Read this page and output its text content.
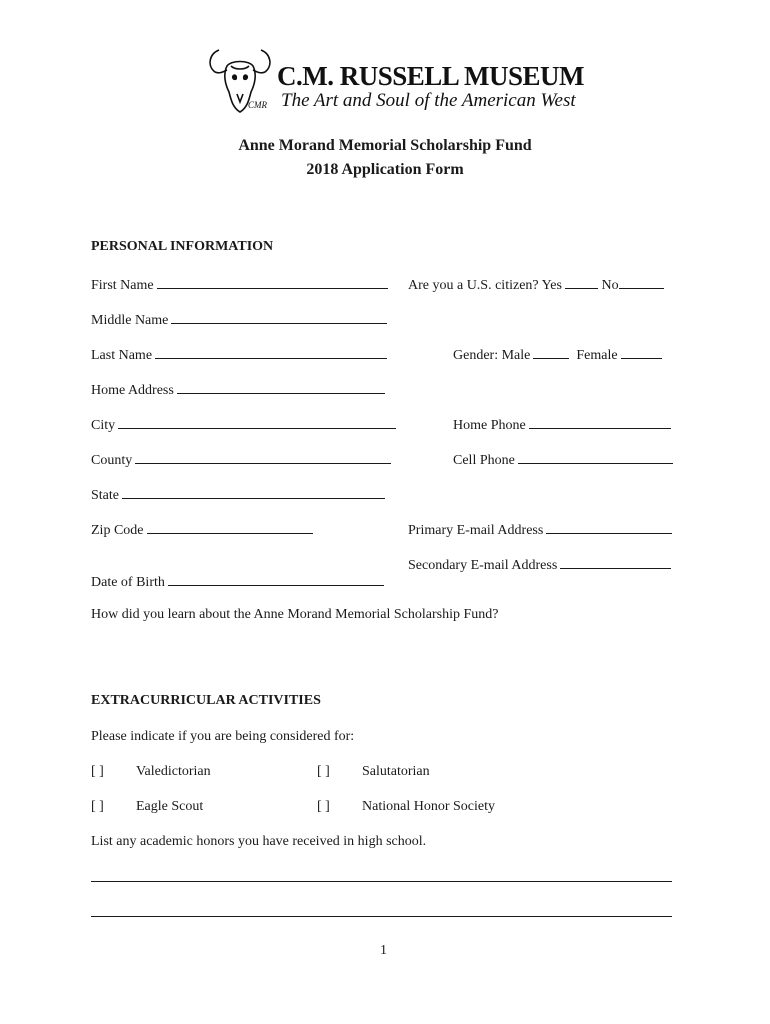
CMR
C.M. RUSSELL MUSEUM
The Art and Soul of the American West
Anne Morand Memorial Scholarship Fund
2018 Application Form
PERSONAL INFORMATION
First Name	Are you a U.S. citizen? Yes	No
Middle Name
Last Name	Gender: Male	Female
Home Address
City	Home Phone
County	Cell Phone
State
Zip Code	Primary E-mail Address
Secondary E-mail Address
Date of Birth
How did you learn about the Anne Morand Memorial Scholarship Fund?
EXTRACURRICULAR ACTIVITIES
Please indicate if you are being considered for:
[ ] Valedictorian	[ ] Salutatorian
[ ] Eagle Scout	[ ] National Honor Society
List any academic honors you have received in high school.
1
